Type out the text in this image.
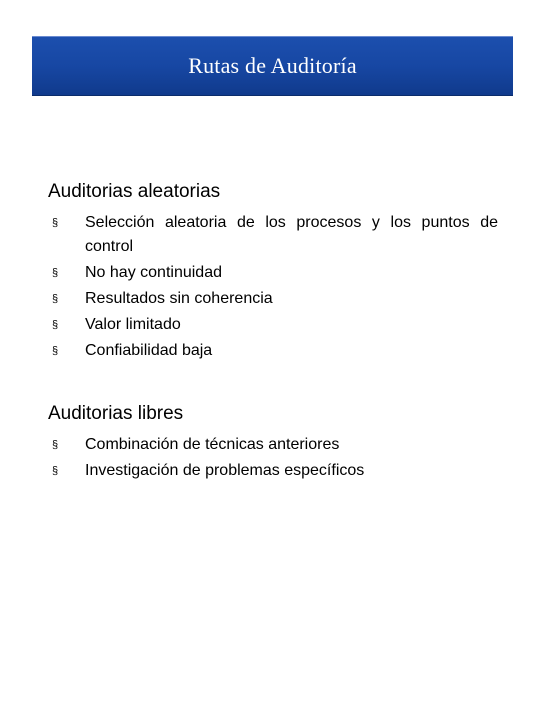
Rutas de Auditoría
Auditorias aleatorias
§ Selección aleatoria de los procesos y los puntos de control
§ No hay continuidad
§ Resultados sin coherencia
§ Valor limitado
§ Confiabilidad baja
Auditorias libres
§ Combinación de técnicas anteriores
§ Investigación de problemas específicos
